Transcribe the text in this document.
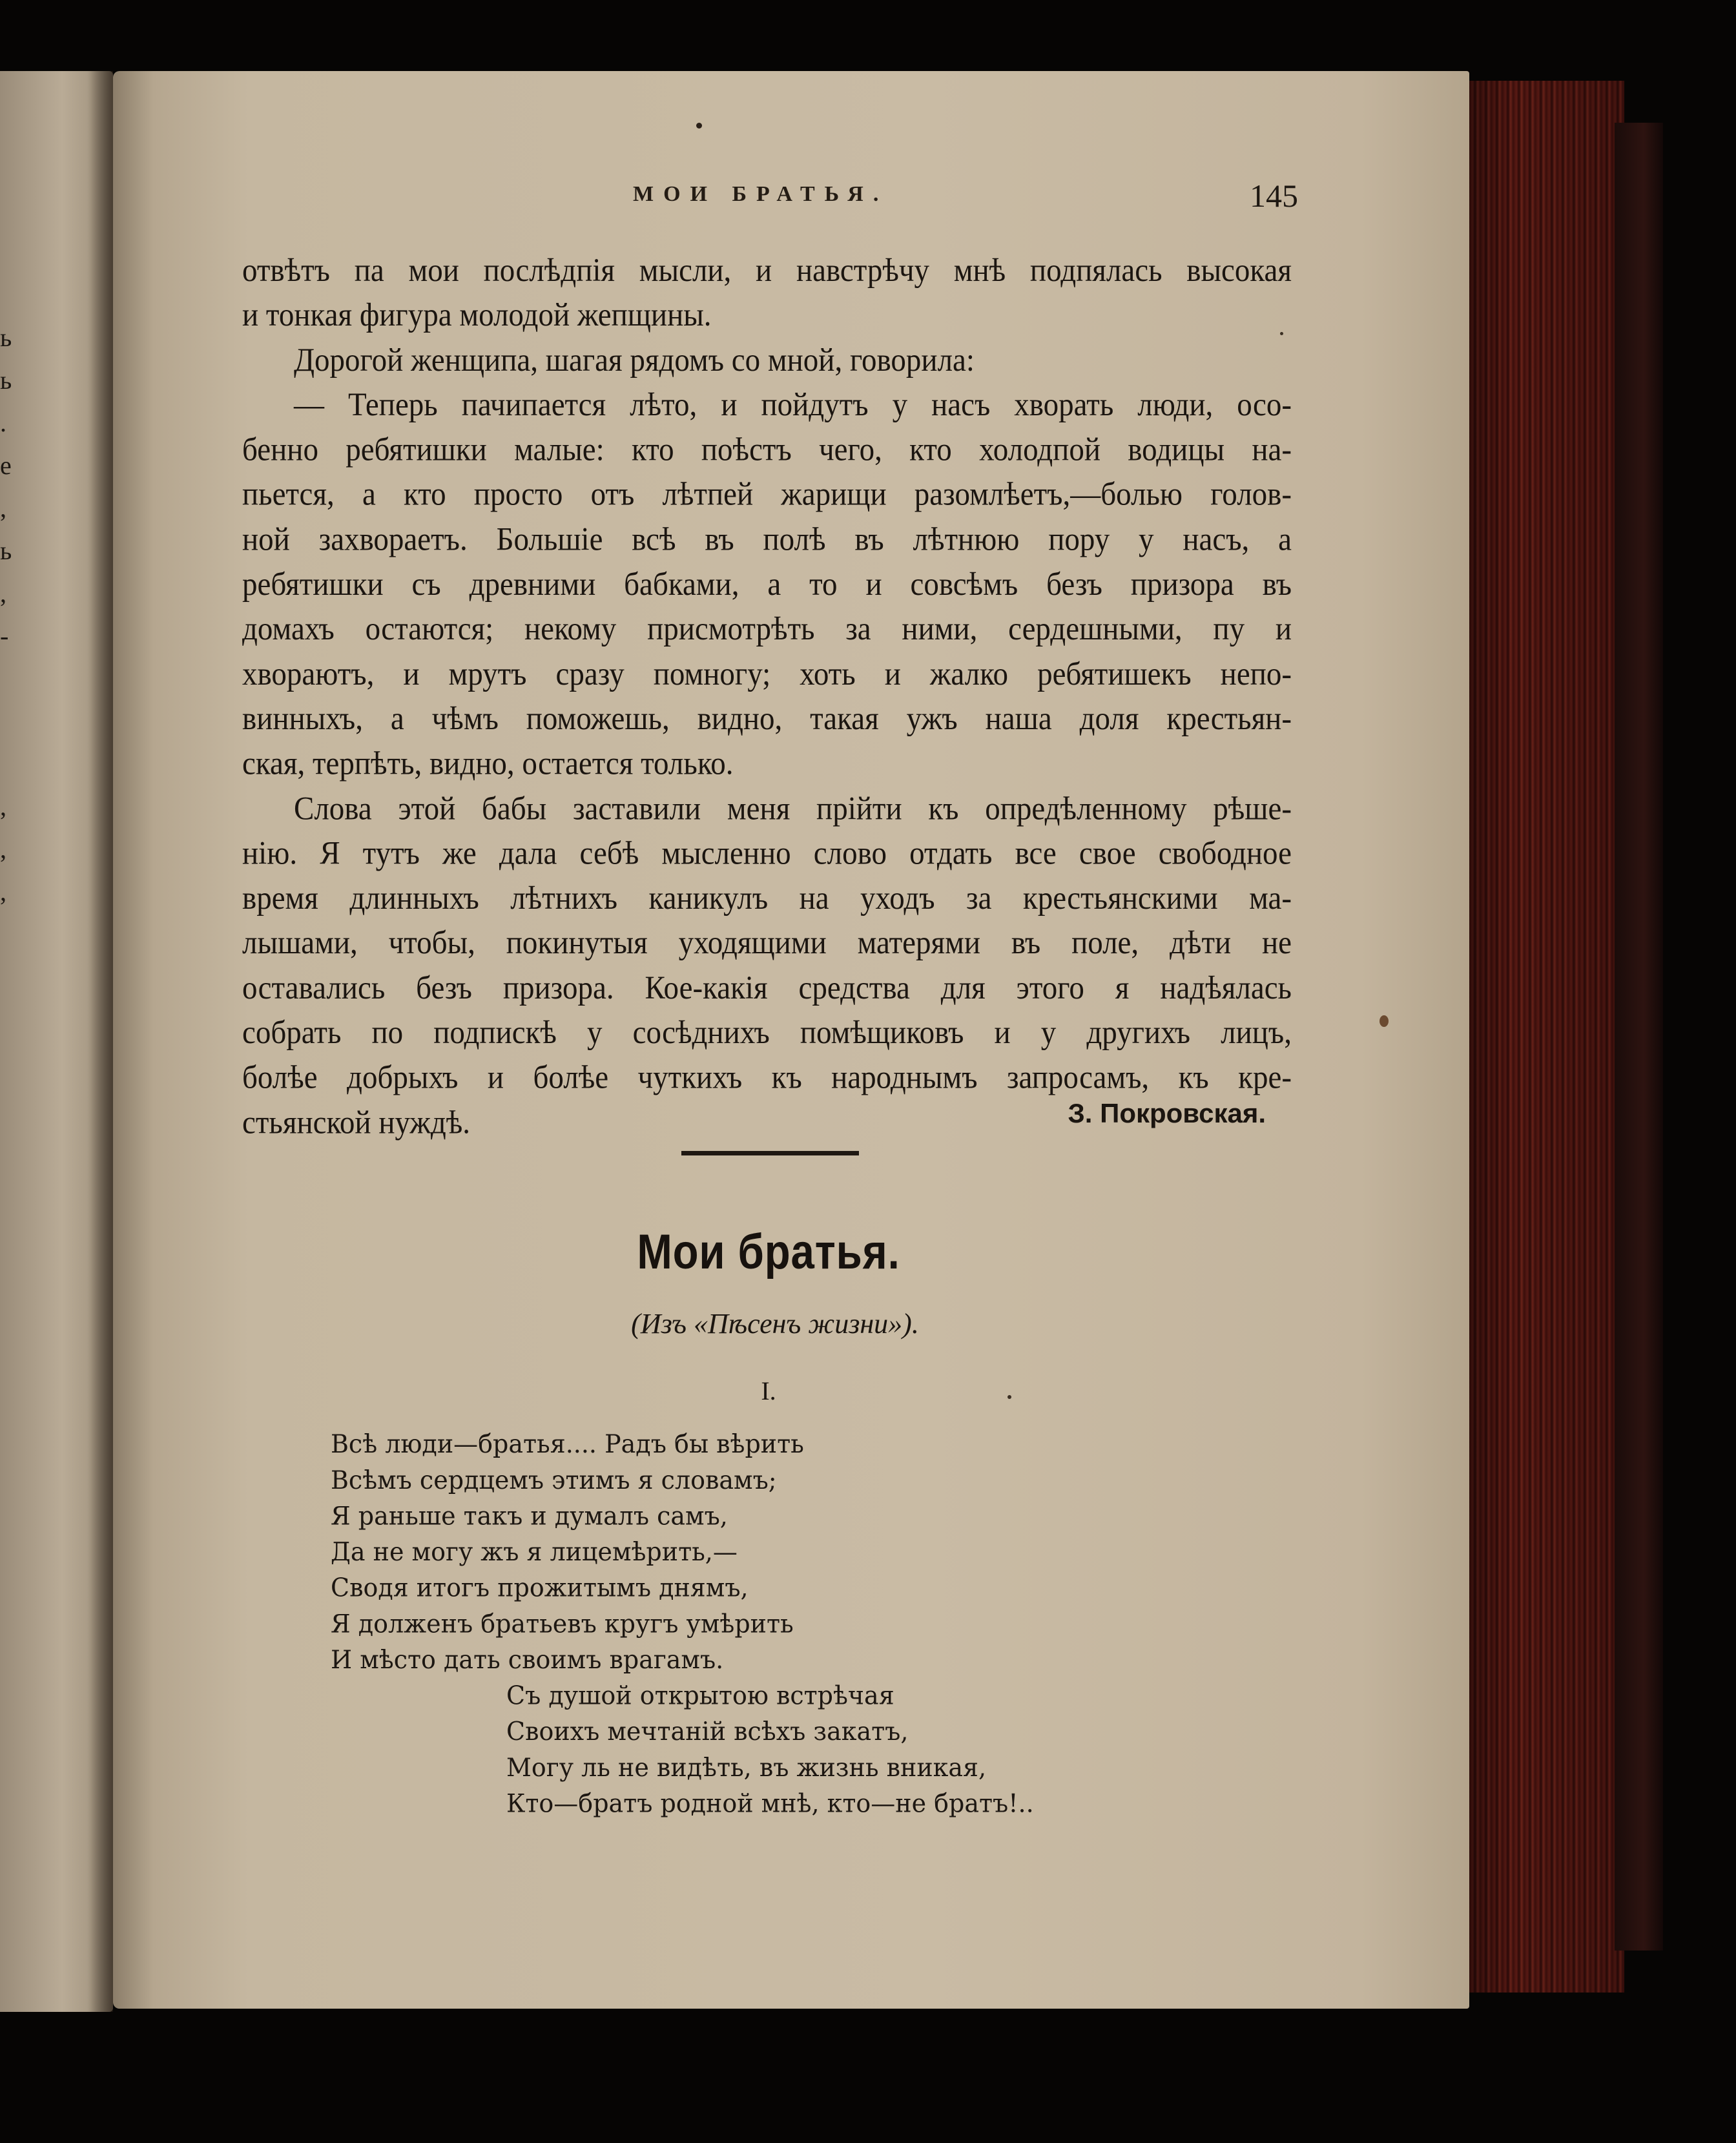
ь
ь
.
е
,
ь
,
-
,
,
,
МОИ БРАТЬЯ.	145
отвѣтъ па мои послѣдпія мысли, и навстрѣчу мнѣ подпялась высокая
и тонкая фигура молодой жепщины.
Дорогой женщипа, шагая рядомъ со мной, говорила:
— Теперь пачипается лѣто, и пойдутъ у насъ хворать люди, осо-
бенно ребятишки малые: кто поѣстъ чего, кто холодпой водицы на-
пьется, а кто просто отъ лѣтпей жарищи разомлѣетъ,—болью голов-
ной захвораетъ. Большіе всѣ въ полѣ въ лѣтнюю пору у насъ, а
ребятишки съ древними бабками, а то и совсѣмъ безъ призора въ
домахъ остаются; некому присмотрѣть за ними, сердешными, пу и
хвораютъ, и мрутъ сразу помногу; хоть и жалко ребятишекъ непо-
винныхъ, а чѣмъ поможешь, видно, такая ужъ наша доля крестьян-
ская, терпѣть, видно, остается только.
Слова этой бабы заставили меня прійти къ опредѣленному рѣше-
нію. Я тутъ же дала себѣ мысленно слово отдать все свое свободное
время длинныхъ лѣтнихъ каникулъ на уходъ за крестьянскими ма-
лышами, чтобы, покинутыя уходящими матерями въ поле, дѣти не
оставались безъ призора. Кое-какія средства для этого я надѣялась
собрать по подпискѣ у сосѣднихъ помѣщиковъ и у другихъ лицъ,
болѣе добрыхъ и болѣе чуткихъ къ народнымъ запросамъ, къ кре-
стьянской нуждѣ.	З. Покровская.
Мои братья.
(Изъ «Пѣсенъ жизни»).
I.
Всѣ люди—братья.... Радъ бы вѣрить
Всѣмъ сердцемъ этимъ я словамъ;
Я раньше такъ и думалъ самъ,
Да не могу жъ я лицемѣрить,—
Сводя итогъ прожитымъ днямъ,
Я долженъ братьевъ кругъ умѣрить
И мѣсто дать своимъ врагамъ.
Съ душой открытою встрѣчая
Своихъ мечтаній всѣхъ закатъ,
Могу ль не видѣть, въ жизнь вникая,
Кто—братъ родной мнѣ, кто—не братъ!..
